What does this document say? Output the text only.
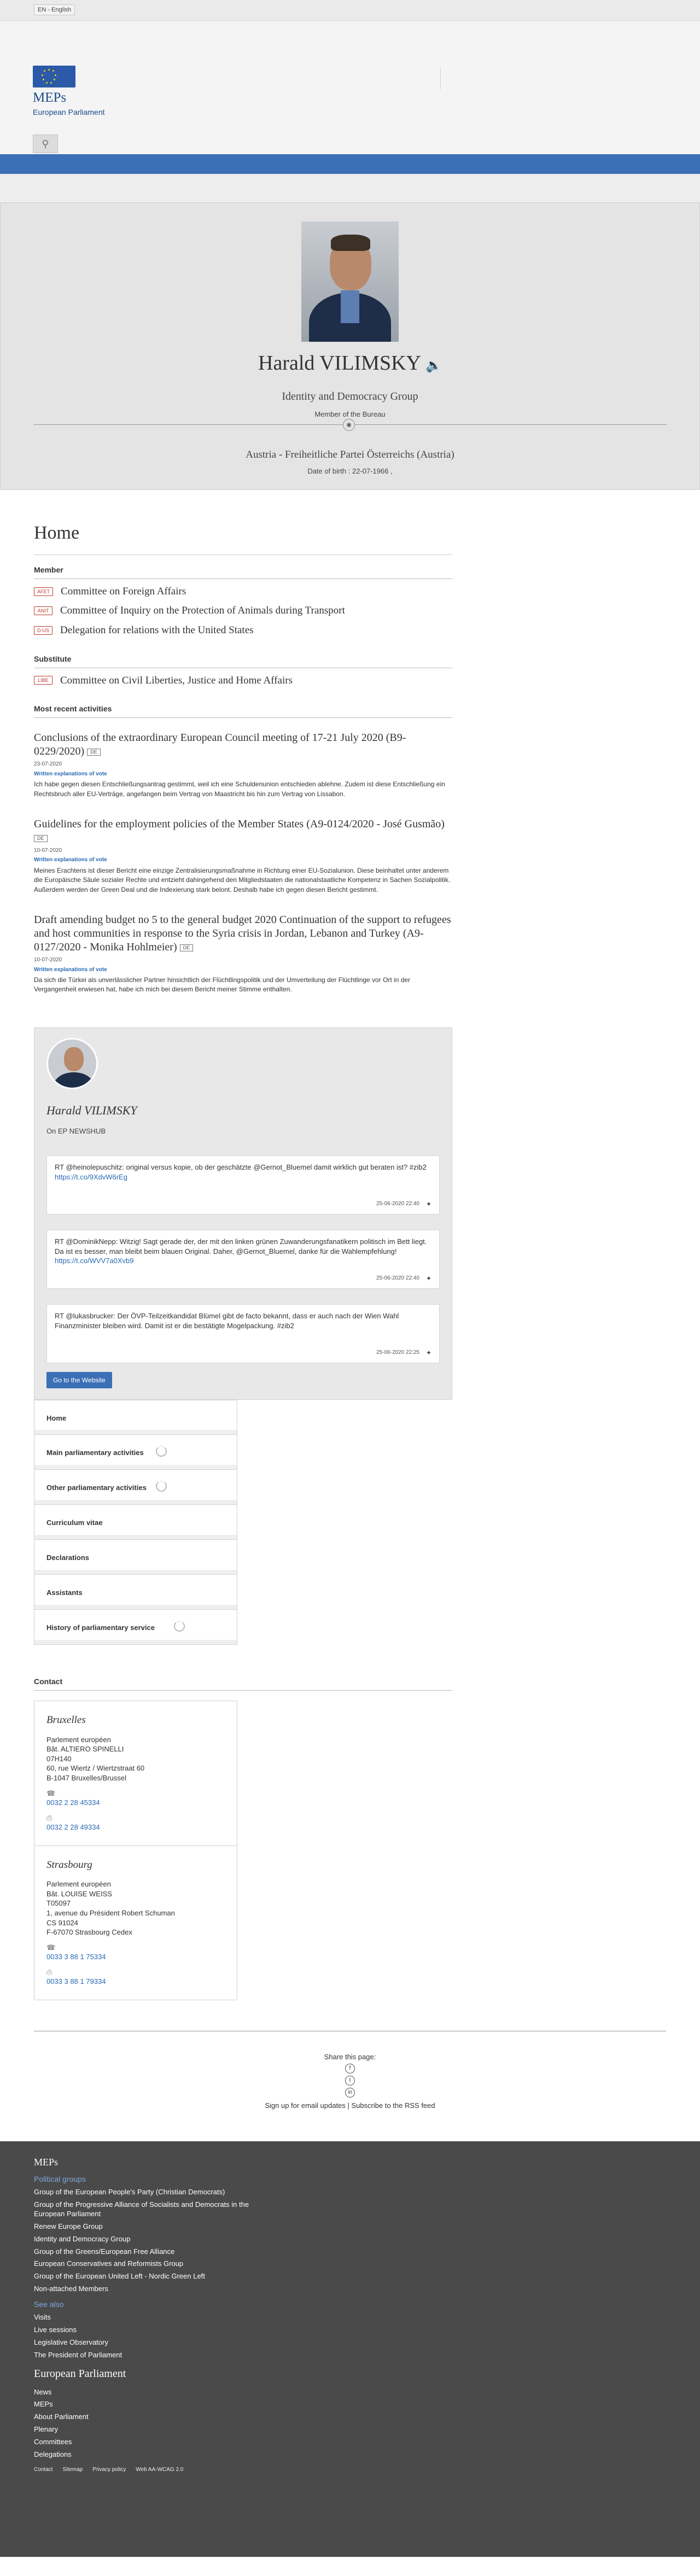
EN - English
MEPs
European Parliament
⚲
Harald VILIMSKY 🔈
Identity and Democracy Group
Member of the Bureau
◉
Austria - Freiheitliche Partei Österreichs (Austria)
Date of birth : 22-07-1966 ,
Home
Member
AFET	Committee on Foreign Affairs
ANIT	Committee of Inquiry on the Protection of Animals during Transport
D-US	Delegation for relations with the United States
Substitute
LIBE	Committee on Civil Liberties, Justice and Home Affairs
Most recent activities
Conclusions of the extraordinary European Council meeting of 17-21 July 2020 (B9-0229/2020) DE
23-07-2020
Written explanations of vote
Ich habe gegen diesen Entschließungsantrag gestimmt, weil ich eine Schuldenunion entschieden ablehne. Zudem ist diese Entschließung ein Rechtsbruch aller EU-Verträge, angefangen beim Vertrag von Maastricht bis hin zum Vertrag von Lissabon.
Guidelines for the employment policies of the Member States (A9-0124/2020 - José Gusmão) DE
10-07-2020
Written explanations of vote
Meines Erachtens ist dieser Bericht eine einzige Zentralisierungsmaßnahme in Richtung einer EU-Sozialunion. Diese beinhaltet unter anderem die Europäische Säule sozialer Rechte und entzieht dahingehend den Mitgliedstaaten die nationalstaatliche Kompetenz in Sachen Sozialpolitik. Außerdem werden der Green Deal und die Indexierung stark belont. Deshalb habe ich gegen diesen Bericht gestimmt.
Draft amending budget no 5 to the general budget 2020 Continuation of the support to refugees and host communities in response to the Syria crisis in Jordan, Lebanon and Turkey (A9-0127/2020 - Monika Hohlmeier) DE
10-07-2020
Written explanations of vote
Da sich die Türkei als unverlässlicher Partner hinsichtlich der Flüchtlingspolitik und der Umverteilung der Flüchtlinge vor Ort in der Vergangenheit erwiesen hat, habe ich mich bei diesem Bericht meiner Stimme enthalten.
Harald VILIMSKY
On EP NEWSHUB
RT @heinolepuschitz: original versus kopie, ob der geschätzte @Gernot_Bluemel damit wirklich gut beraten ist? #zib2 https://t.co/9XdvW6rEg
25-06-2020 22:40 ✦
RT @DominikNepp: Witzig! Sagt gerade der, der mit den linken grünen Zuwanderungsfanatikern politisch im Bett liegt. Da ist es besser, man bleibt beim blauen Original. Daher, @Gernot_Bluemel, danke für die Wahlempfehlung! https://t.co/WVV7a0Xvb9
25-06-2020 22:40 ✦
RT @lukasbrucker: Der ÖVP-Teilzeitkandidat Blümel gibt de facto bekannt, dass er auch nach der Wien Wahl Finanzminister bleiben wird. Damit ist er die bestätigte Mogelpackung. #zib2
25-06-2020 22:25 ✦
Go to the Website
Home
Main parliamentary activities
Other parliamentary activities
Curriculum vitae
Declarations
Assistants
History of parliamentary service
Contact
Bruxelles
Parlement européen
Bât. ALTIERO SPINELLI
07H140
60, rue Wiertz / Wiertzstraat 60
B-1047 Bruxelles/Brussel
☎
0032 2 28 45334
⎙
0032 2 28 49334
Strasbourg
Parlement européen
Bât. LOUISE WEISS
T05097
1, avenue du Président Robert Schuman
CS 91024
F-67070 Strasbourg Cedex
☎
0033 3 88 1 75334
⎙
0033 3 88 1 79334
Share this page:
f
t
in
Sign up for email updates | Subscribe to the RSS feed
MEPs
Political groups
Group of the European People's Party (Christian Democrats)
Group of the Progressive Alliance of Socialists and Democrats in the European Parliament
Renew Europe Group
Identity and Democracy Group
Group of the Greens/European Free Alliance
European Conservatives and Reformists Group
Group of the European United Left - Nordic Green Left
Non-attached Members
See also
Visits
Live sessions
Legislative Observatory
The President of Parliament
European Parliament
News
MEPs
About Parliament
Plenary
Committees
Delegations
Contact Sitemap Privacy policy Web AA-WCAG 2.0
